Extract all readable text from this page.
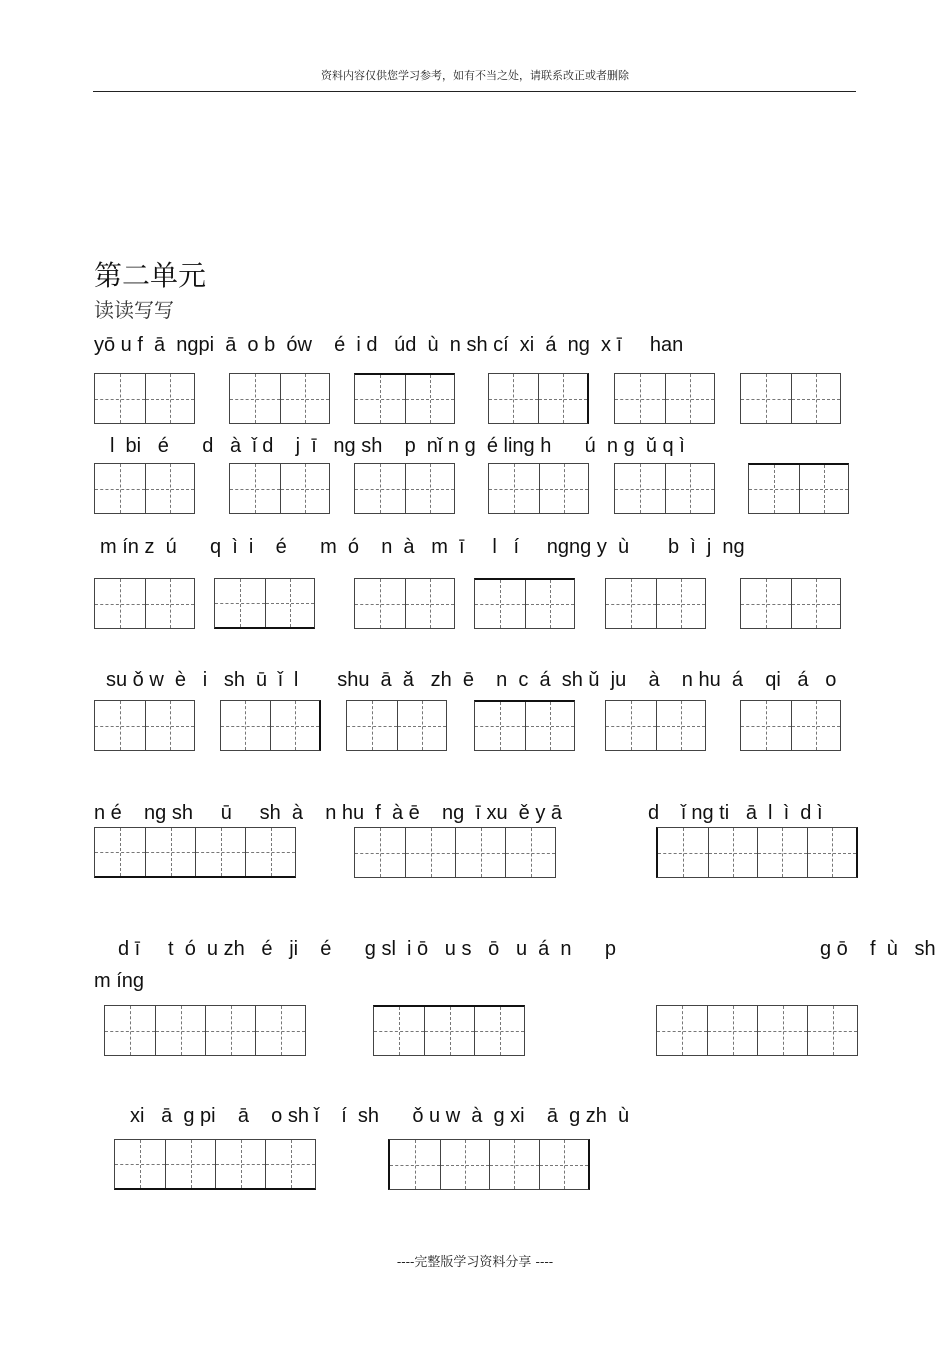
资料内容仅供您学习参考，如有不当之处，请联系改正或者删除
第二单元
读读写写
yō u f  ā  ngpi  ā  o b  ów    é  i d   úd  ù  n sh cí  xi  á  ng  x ī     han
l  bi   é      d   à  ǐ d    j  ī   ng sh    p  nǐ n g  é ling h      ú  n g  ǔ q ì
m ín z  ú      q  ì  i    é      m  ó    n  à   m  ī     l   í     ngng y  ù       b  ì  j  ng
su ǒ w  è   i   sh  ū  ǐ  l       shu  ā  ǎ   zh  ē    n  c  á  sh ǔ  ju    à    n hu  á    qi   á   o
n é    ng sh     ū     sh  à    n hu  f  à ē    ng  ī xu  ě y ā	d    ǐ ng ti   ā  l  ì  d ì
d ī     t  ó  u zh   é   ji    é      g sl  i ō   u s   ō   u  á  n      p	g ō    f  ù   sh
m íng
xi   ā  g pi    ā    o sh ǐ    í  sh      ǒ u w  à  g xi    ā  g zh  ù
----完整版学习资料分享 ----
